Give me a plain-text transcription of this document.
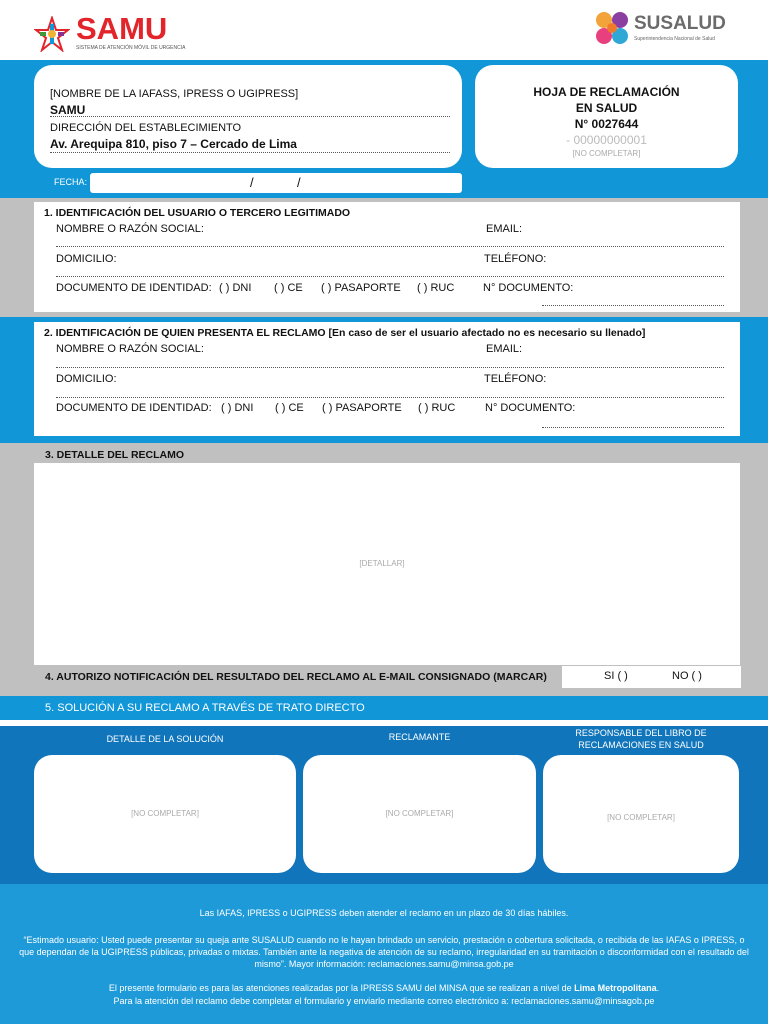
SAMU
SISTEMA DE ATENCIÓN MÓVIL DE URGENCIA
SUSALUD
Superintendencia Nacional de Salud
[NOMBRE DE LA IAFASS, IPRESS O UGIPRESS]
SAMU
DIRECCIÓN DEL ESTABLECIMIENTO
Av. Arequipa 810, piso 7 – Cercado de Lima
HOJA DE RECLAMACIÓN
EN SALUD
N° 0027644
- 00000000001
[NO COMPLETAR]
FECHA:	/	/
1. IDENTIFICACIÓN DEL USUARIO O TERCERO LEGITIMADO
NOMBRE O RAZÓN SOCIAL:	EMAIL:
DOMICILIO:	TELÉFONO:
DOCUMENTO DE IDENTIDAD: ( ) DNI ( ) CE ( ) PASAPORTE ( ) RUC	N° DOCUMENTO:
2. IDENTIFICACIÓN DE QUIEN PRESENTA EL RECLAMO [En caso de ser el usuario afectado no es necesario su llenado]
NOMBRE O RAZÓN SOCIAL:	EMAIL:
DOMICILIO:	TELÉFONO:
DOCUMENTO DE IDENTIDAD: ( ) DNI ( ) CE ( ) PASAPORTE ( ) RUC	N° DOCUMENTO:
3. DETALLE DEL RECLAMO
[DETALLAR]
4. AUTORIZO NOTIFICACIÓN DEL RESULTADO DEL RECLAMO AL E-MAIL CONSIGNADO (MARCAR)	SI ( )	NO ( )
5. SOLUCIÓN A SU RECLAMO A TRAVÉS DE TRATO DIRECTO
DETALLE DE LA SOLUCIÓN	RECLAMANTE	RESPONSABLE DEL LIBRO DE RECLAMACIONES EN SALUD
[NO COMPLETAR]	[NO COMPLETAR]	[NO COMPLETAR]
Las IAFAS, IPRESS o UGIPRESS deben atender el reclamo en un plazo de 30 días hábiles.
“Estimado usuario: Usted puede presentar su queja ante SUSALUD cuando no le hayan brindado un servicio, prestación o cobertura solicitada, o recibida de las IAFAS o IPRESS, o que dependan de la UGIPRESS públicas, privadas o mixtas. También ante la negativa de atención de su reclamo, irregularidad en su tramitación o disconformidad con el resultado del mismo”. Mayor información: reclamaciones.samu@minsa.gob.pe
El presente formulario es para las atenciones realizadas por la IPRESS SAMU del MINSA que se realizan a nivel de Lima Metropolitana.
Para la atención del reclamo debe completar el formulario y enviarlo mediante correo electrónico a: reclamaciones.samu@minsagob.pe
